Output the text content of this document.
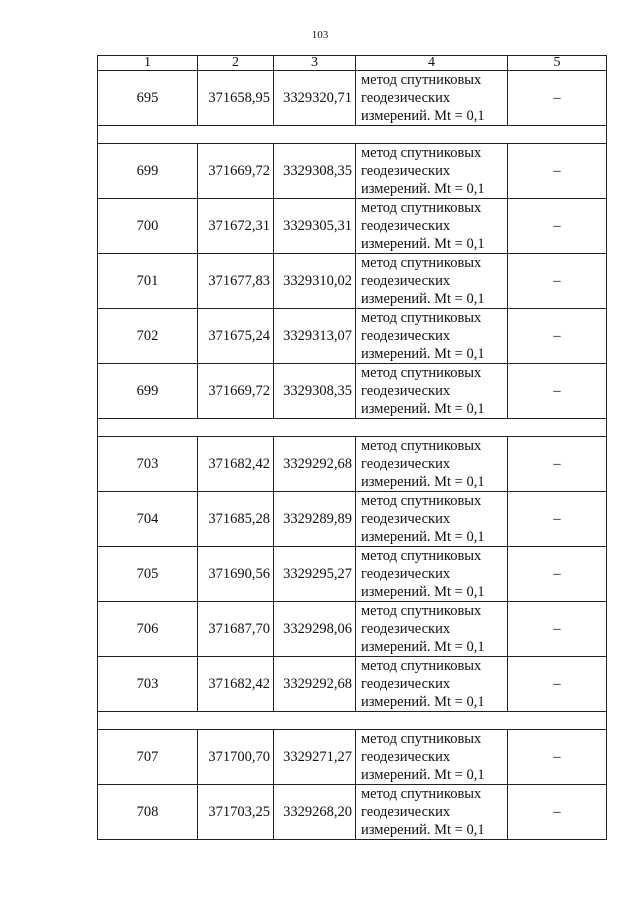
103
1	2	3	4	5
695	371658,95	3329320,71	метод спутниковых
геодезических
измерений. Mt = 0,1	–

699	371669,72	3329308,35	метод спутниковых
геодезических
измерений. Mt = 0,1	–
700	371672,31	3329305,31	метод спутниковых
геодезических
измерений. Mt = 0,1	–
701	371677,83	3329310,02	метод спутниковых
геодезических
измерений. Mt = 0,1	–
702	371675,24	3329313,07	метод спутниковых
геодезических
измерений. Mt = 0,1	–
699	371669,72	3329308,35	метод спутниковых
геодезических
измерений. Mt = 0,1	–

703	371682,42	3329292,68	метод спутниковых
геодезических
измерений. Mt = 0,1	–
704	371685,28	3329289,89	метод спутниковых
геодезических
измерений. Mt = 0,1	–
705	371690,56	3329295,27	метод спутниковых
геодезических
измерений. Mt = 0,1	–
706	371687,70	3329298,06	метод спутниковых
геодезических
измерений. Mt = 0,1	–
703	371682,42	3329292,68	метод спутниковых
геодезических
измерений. Mt = 0,1	–

707	371700,70	3329271,27	метод спутниковых
геодезических
измерений. Mt = 0,1	–
708	371703,25	3329268,20	метод спутниковых
геодезических
измерений. Mt = 0,1	–
